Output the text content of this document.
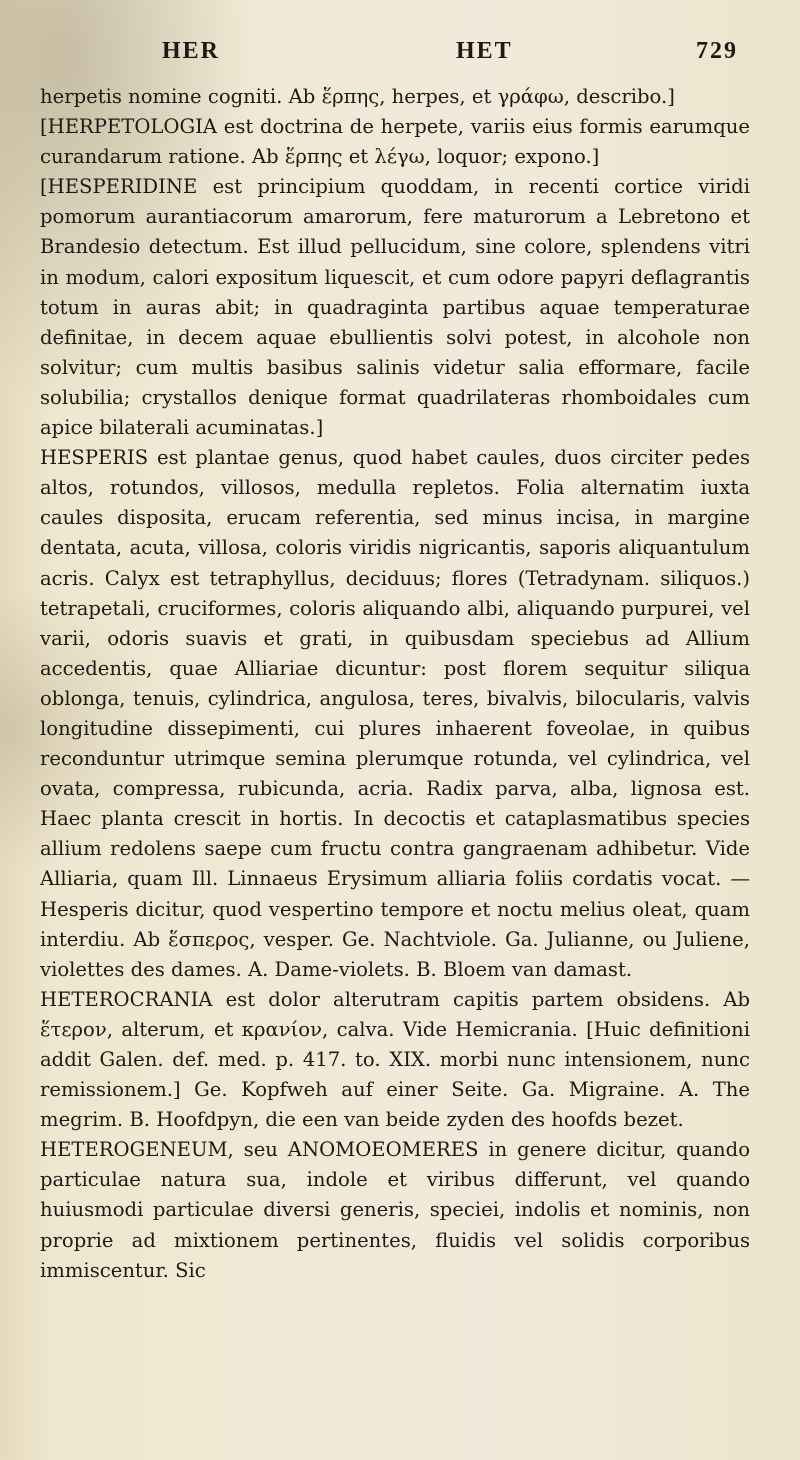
HER	HET	729

herpetis nomine cogniti. Ab ἕρπης, herpes, et γράφω, describo.]

[HERPETOLOGIA est doctrina de herpete, variis eius formis earumque curandarum ratione. Ab ἕρπης et λέγω, loquor; expono.]

[HESPERIDINE est principium quoddam, in recenti cortice viridi pomorum aurantiacorum amarorum, fere maturorum a Lebretono et Brandesio detectum. Est illud pellucidum, sine colore, splendens vitri in modum, calori expositum liquescit, et cum odore papyri deflagrantis totum in auras abit; in quadraginta partibus aquae temperaturae definitae, in decem aquae ebullientis solvi potest, in alcohole non solvitur; cum multis basibus salinis videtur salia efformare, facile solubilia; crystallos denique format quadrilateras rhomboidales cum apice bilaterali acuminatas.]

HESPERIS est plantae genus, quod habet caules, duos circiter pedes altos, rotundos, villosos, medulla repletos. Folia alternatim iuxta caules disposita, erucam referentia, sed minus incisa, in margine dentata, acuta, villosa, coloris viridis nigricantis, saporis aliquantulum acris. Calyx est tetraphyllus, deciduus; flores (Tetradynam. siliquos.) tetrapetali, cruciformes, coloris aliquando albi, aliquando purpurei, vel varii, odoris suavis et grati, in quibusdam speciebus ad Allium accedentis, quae Alliariae dicuntur: post florem sequitur siliqua oblonga, tenuis, cylindrica, angulosa, teres, bivalvis, bilocularis, valvis longitudine dissepimenti, cui plures inhaerent foveolae, in quibus reconduntur utrimque semina plerumque rotunda, vel cylindrica, vel ovata, compressa, rubicunda, acria. Radix parva, alba, lignosa est. Haec planta crescit in hortis. In decoctis et cataplasmatibus species allium redolens saepe cum fructu contra gangraenam adhibetur. Vide Alliaria, quam Ill. Linnaeus Erysimum alliaria foliis cordatis vocat. — Hesperis dicitur, quod vespertino tempore et noctu melius oleat, quam interdiu. Ab ἕσπερος, vesper. Ge. Nachtviole. Ga. Julianne, ou Juliene, violettes des dames. A. Dame-violets. B. Bloem van damast.

HETEROCRANIA est dolor alterutram capitis partem obsidens. Ab ἕτερον, alterum, et κρανίον, calva. Vide Hemicrania. [Huic definitioni addit Galen. def. med. p. 417. to. XIX. morbi nunc intensionem, nunc remissionem.] Ge. Kopfweh auf einer Seite. Ga. Migraine. A. The megrim. B. Hoofdpyn, die een van beide zyden des hoofds bezet.

HETEROGENEUM, seu ANOMOEOMERES in genere dicitur, quando particulae natura sua, indole et viribus differunt, vel quando huiusmodi particulae diversi generis, speciei, indolis et nominis, non proprie ad mixtionem pertinentes, fluidis vel solidis corporibus immiscentur. Sic
